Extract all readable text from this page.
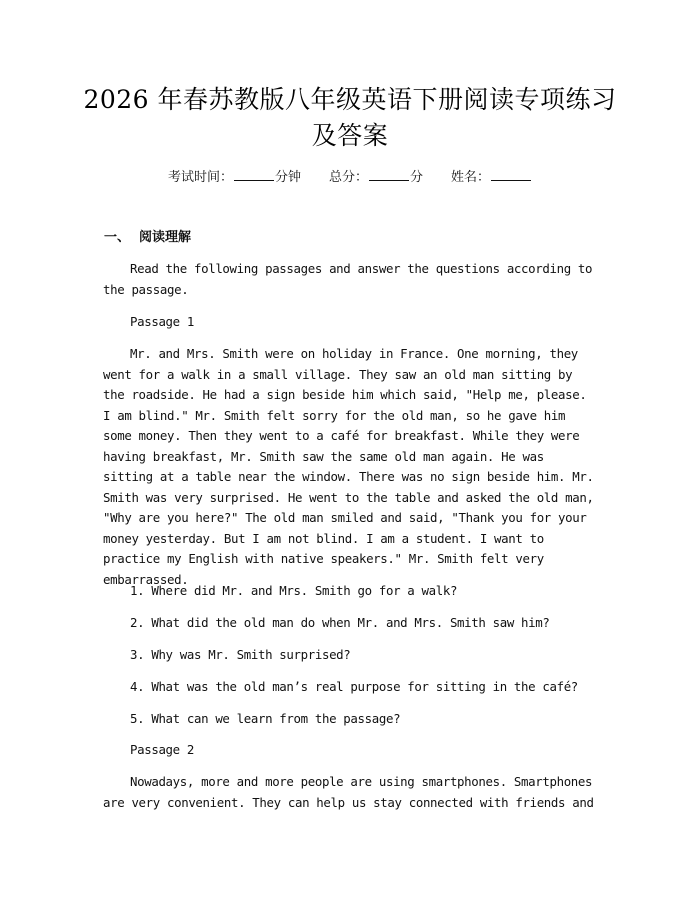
2026 年春苏教版八年级英语下册阅读专项练习及答案
考试时间：	分钟 总分：	分 姓名：
一、  阅读理解

Read the following passages and answer the questions according to the passage.

Passage 1

Mr. and Mrs. Smith were on holiday in France. One morning, they went for a walk in a small village. They saw an old man sitting by the roadside. He had a sign beside him which said, "Help me, please. I am blind." Mr. Smith felt sorry for the old man, so he gave him some money. Then they went to a café for breakfast. While they were having breakfast, Mr. Smith saw the same old man again. He was sitting at a table near the window. There was no sign beside him. Mr. Smith was very surprised. He went to the table and asked the old man, "Why are you here?" The old man smiled and said, "Thank you for your money yesterday. But I am not blind. I am a student. I want to practice my English with native speakers." Mr. Smith felt very embarrassed.

1. Where did Mr. and Mrs. Smith go for a walk?
2. What did the old man do when Mr. and Mrs. Smith saw him?
3. Why was Mr. Smith surprised?
4. What was the old man’s real purpose for sitting in the café?
5. What can we learn from the passage?
Passage 2

Nowadays, more and more people are using smartphones. Smartphones are very convenient. They can help us stay connected with friends and
